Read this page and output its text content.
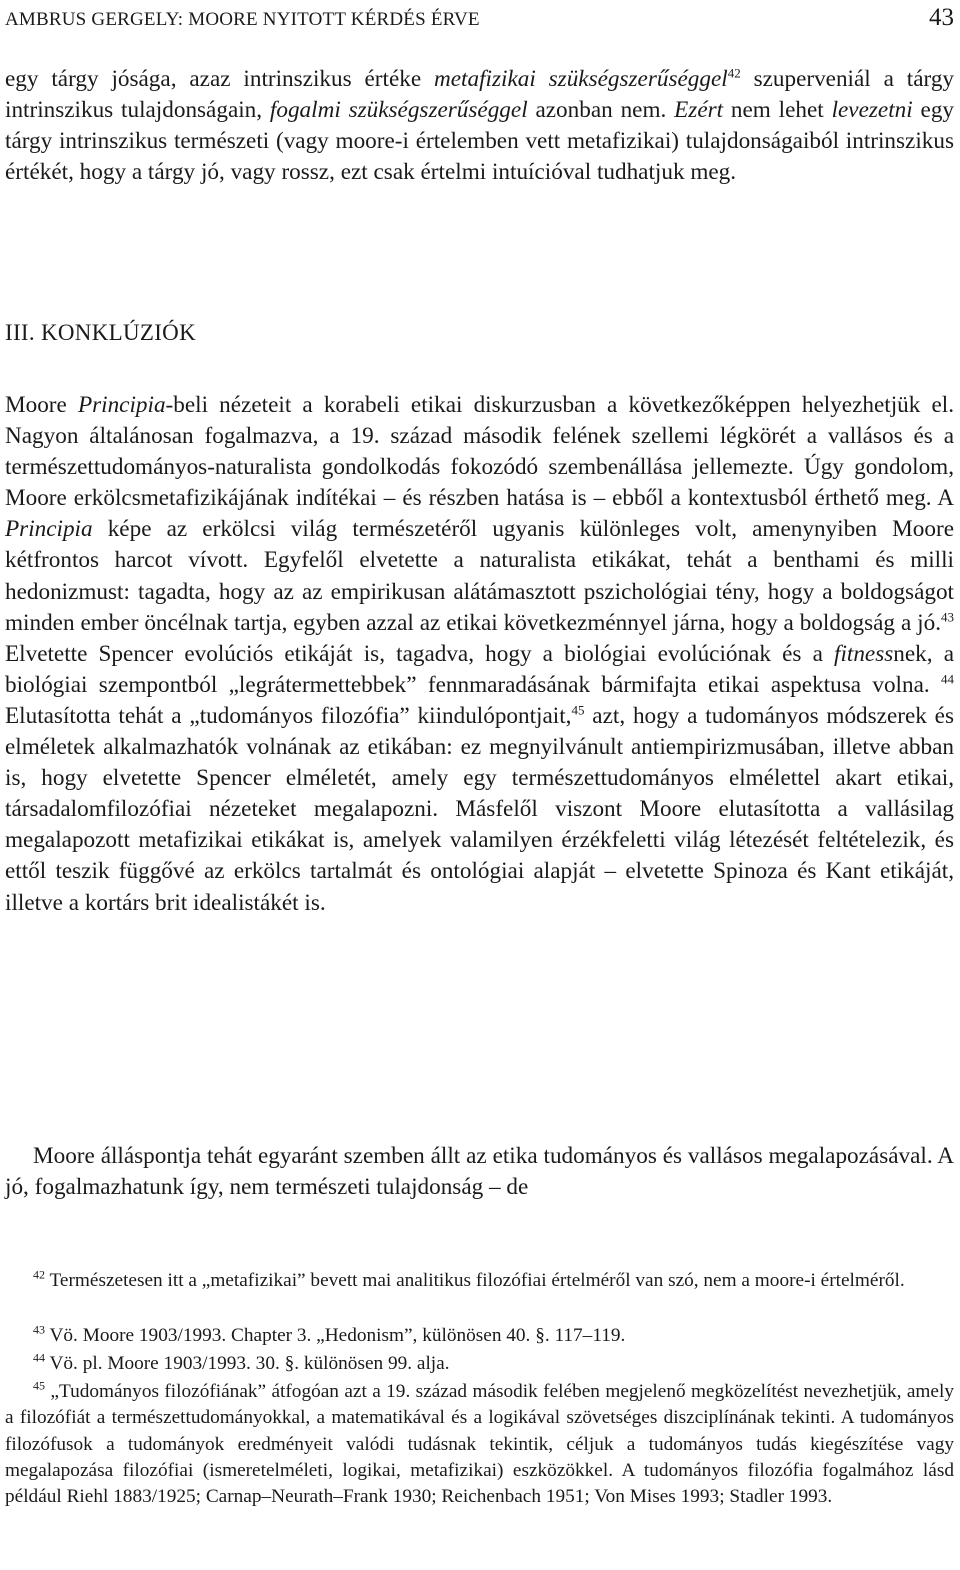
AMBRUS GERGELY: MOORE NYITOTT KÉRDÉS ÉRVE	43

egy tárgy jósága, azaz intrinszikus értéke metafizikai szükségszerűséggel$^{42}$ szuperveniál a tárgy intrinszikus tulajdonságain, fogalmi szükségszerűséggel azonban nem. Ezért nem lehet levezetni egy tárgy intrinszikus természeti (vagy moore-i értelemben vett metafizikai) tulajdonságaiból intrinszikus értékét, hogy a tárgy jó, vagy rossz, ezt csak értelmi intuícióval tudhatjuk meg.

III. KONKLÚZIÓK

Moore Principia-beli nézeteit a korabeli etikai diskurzusban a következőképpen helyezhetjük el. Nagyon általánosan fogalmazva, a 19. század második felének szellemi légkörét a vallásos és a természettudományos-naturalista gondolkodás fokozódó szembenállása jellemezte. Úgy gondolom, Moore erkölcsmetafizikájának indítékai – és részben hatása is – ebből a kontextusból érthető meg. A Principia képe az erkölcsi világ természetéről ugyanis különleges volt, amenynyiben Moore kétfrontos harcot vívott. Egyfelől elvetette a naturalista etikákat, tehát a benthami és milli hedonizmust: tagadta, hogy az az empirikusan alátámasztott pszichológiai tény, hogy a boldogságot minden ember öncélnak tartja, egyben azzal az etikai következménnyel járna, hogy a boldogság a jó.$^{43}$ Elvetette Spencer evolúciós etikáját is, tagadva, hogy a biológiai evolúciónak és a fitnessnek, a biológiai szempontból „legrátermettebbek” fennmaradásának bármifajta etikai aspektusa volna. $^{44}$ Elutasította tehát a „tudományos filozófia” kiindulópontjait,$^{45}$ azt, hogy a tudományos módszerek és elméletek alkalmazhatók volnának az etikában: ez megnyilvánult antiempirizmusában, illetve abban is, hogy elvetette Spencer elméletét, amely egy természettudományos elmélettel akart etikai, társadalomfilozófiai nézeteket megalapozni. Másfelől viszont Moore elutasította a vallásilag megalapozott metafizikai etikákat is, amelyek valamilyen érzékfeletti világ létezését feltételezik, és ettől teszik függővé az erkölcs tartalmát és ontológiai alapját – elvetette Spinoza és Kant etikáját, illetve a kortárs brit idealistákét is.

Moore álláspontja tehát egyaránt szemben állt az etika tudományos és vallásos megalapozásával. A jó, fogalmazhatunk így, nem természeti tulajdonság – de

$^{42}$ Természetesen itt a „metafizikai” bevett mai analitikus filozófiai értelméről van szó, nem a moore-i értelméről.

$^{43}$ Vö. Moore 1903/1993. Chapter 3. „Hedonism”, különösen 40. §. 117–119.

$^{44}$ Vö. pl. Moore 1903/1993. 30. §. különösen 99. alja.

$^{45}$ „Tudományos filozófiának” átfogóan azt a 19. század második felében megjelenő megközelítést nevezhetjük, amely a filozófiát a természettudományokkal, a matematikával és a logikával szövetséges diszciplínának tekinti. A tudományos filozófusok a tudományok eredményeit valódi tudásnak tekintik, céljuk a tudományos tudás kiegészítése vagy megalapozása filozófiai (ismeretelméleti, logikai, metafizikai) eszközökkel. A tudományos filozófia fogalmához lásd például Riehl 1883/1925; Carnap–Neurath–Frank 1930; Reichenbach 1951; Von Mises 1993; Stadler 1993.
